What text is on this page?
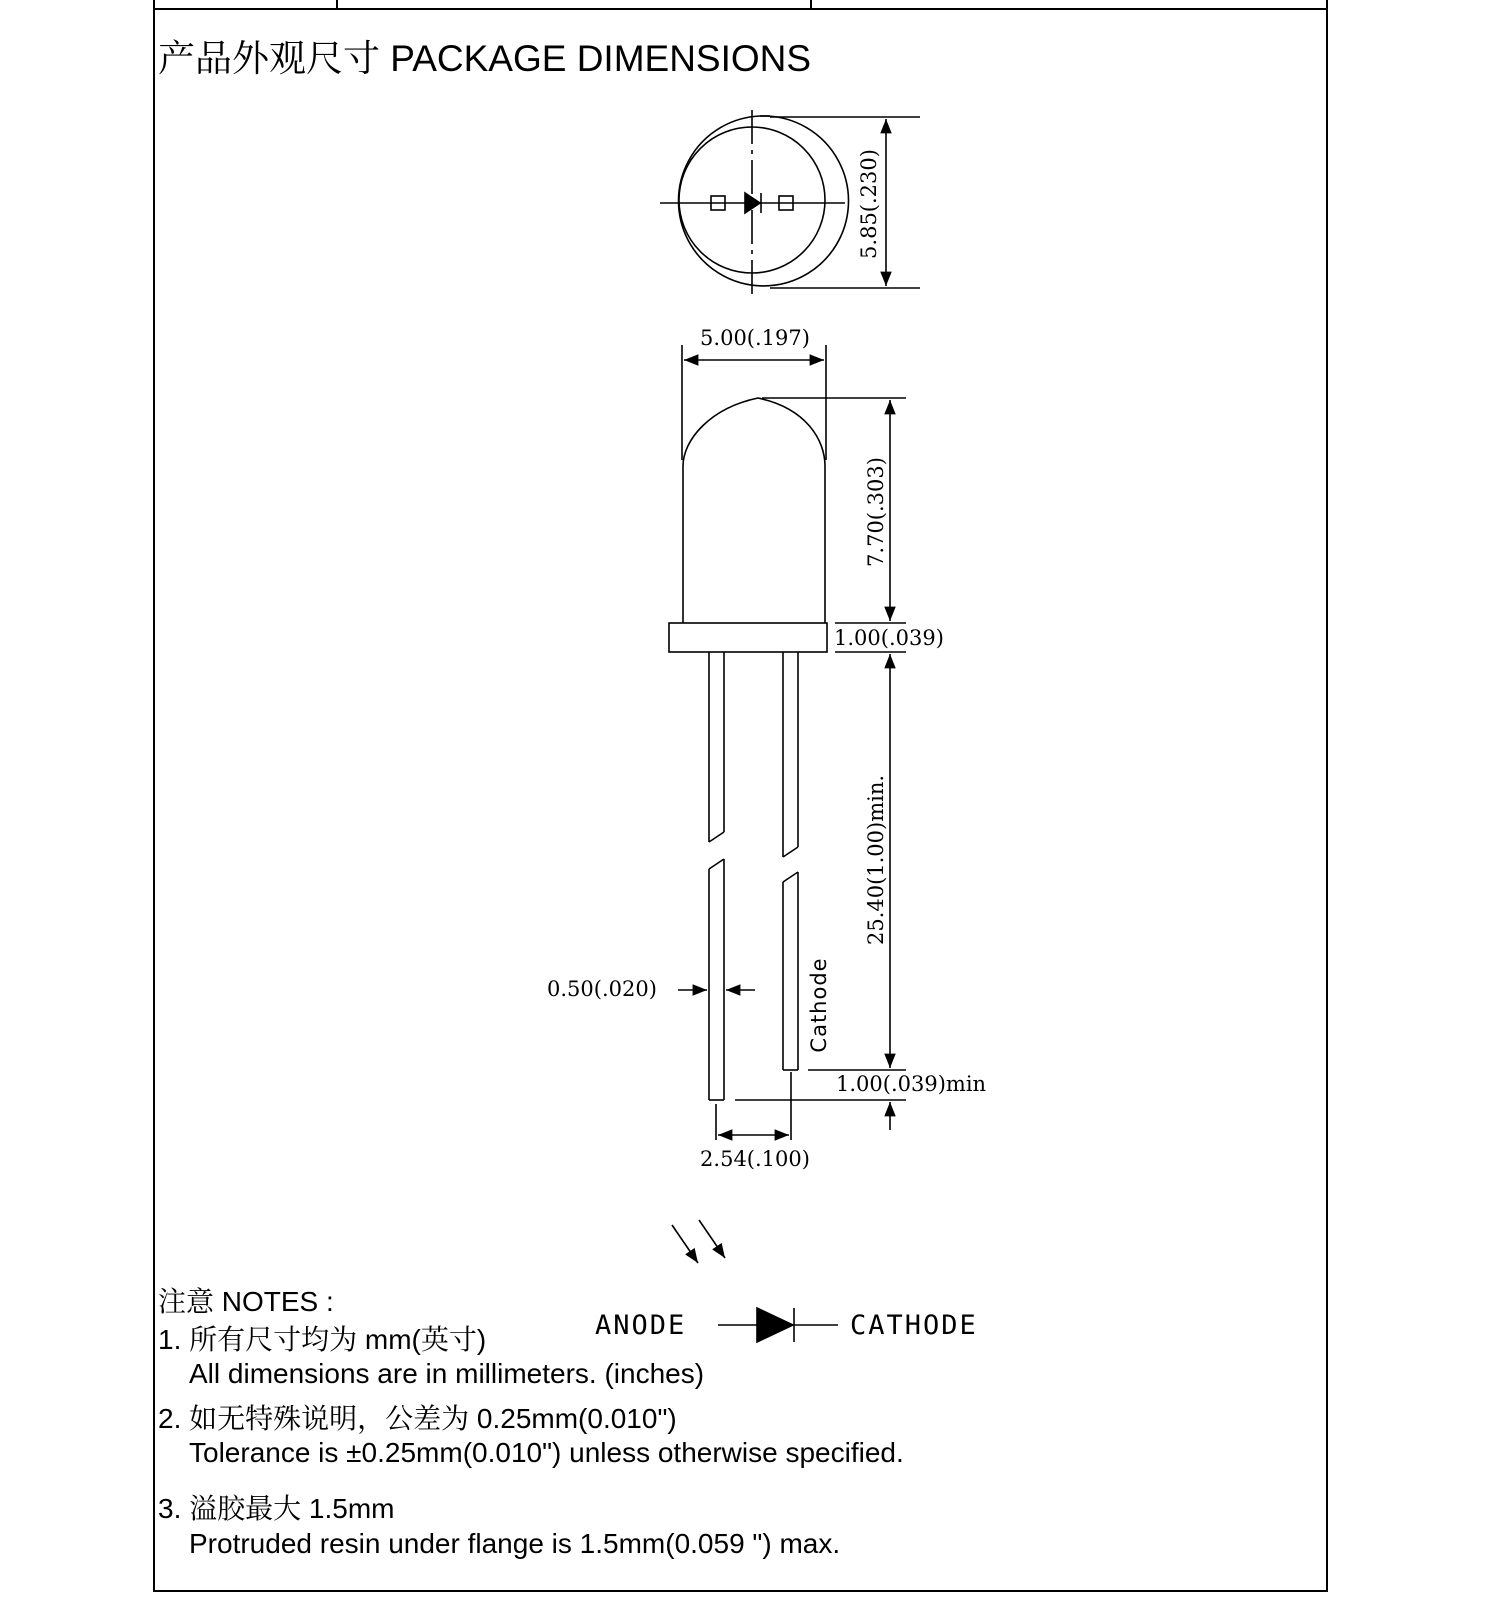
产品外观尺寸 PACKAGE DIMENSIONS
5.85(.230)
5.00(.197)
7.70(.303)
1.00(.039)
25.40(1.00)min.
0.50(.020)
1.00(.039)min
2.54(.100)
Cathode
ANODE	CATHODE
注意 NOTES :
1. 所有尺寸均为 mm(英寸)
All dimensions are in millimeters. (inches)
2. 如无特殊说明，公差为 0.25mm(0.010")
Tolerance is ±0.25mm(0.010") unless otherwise specified.
3. 溢胶最大 1.5mm
Protruded resin under flange is 1.5mm(0.059 ") max.
